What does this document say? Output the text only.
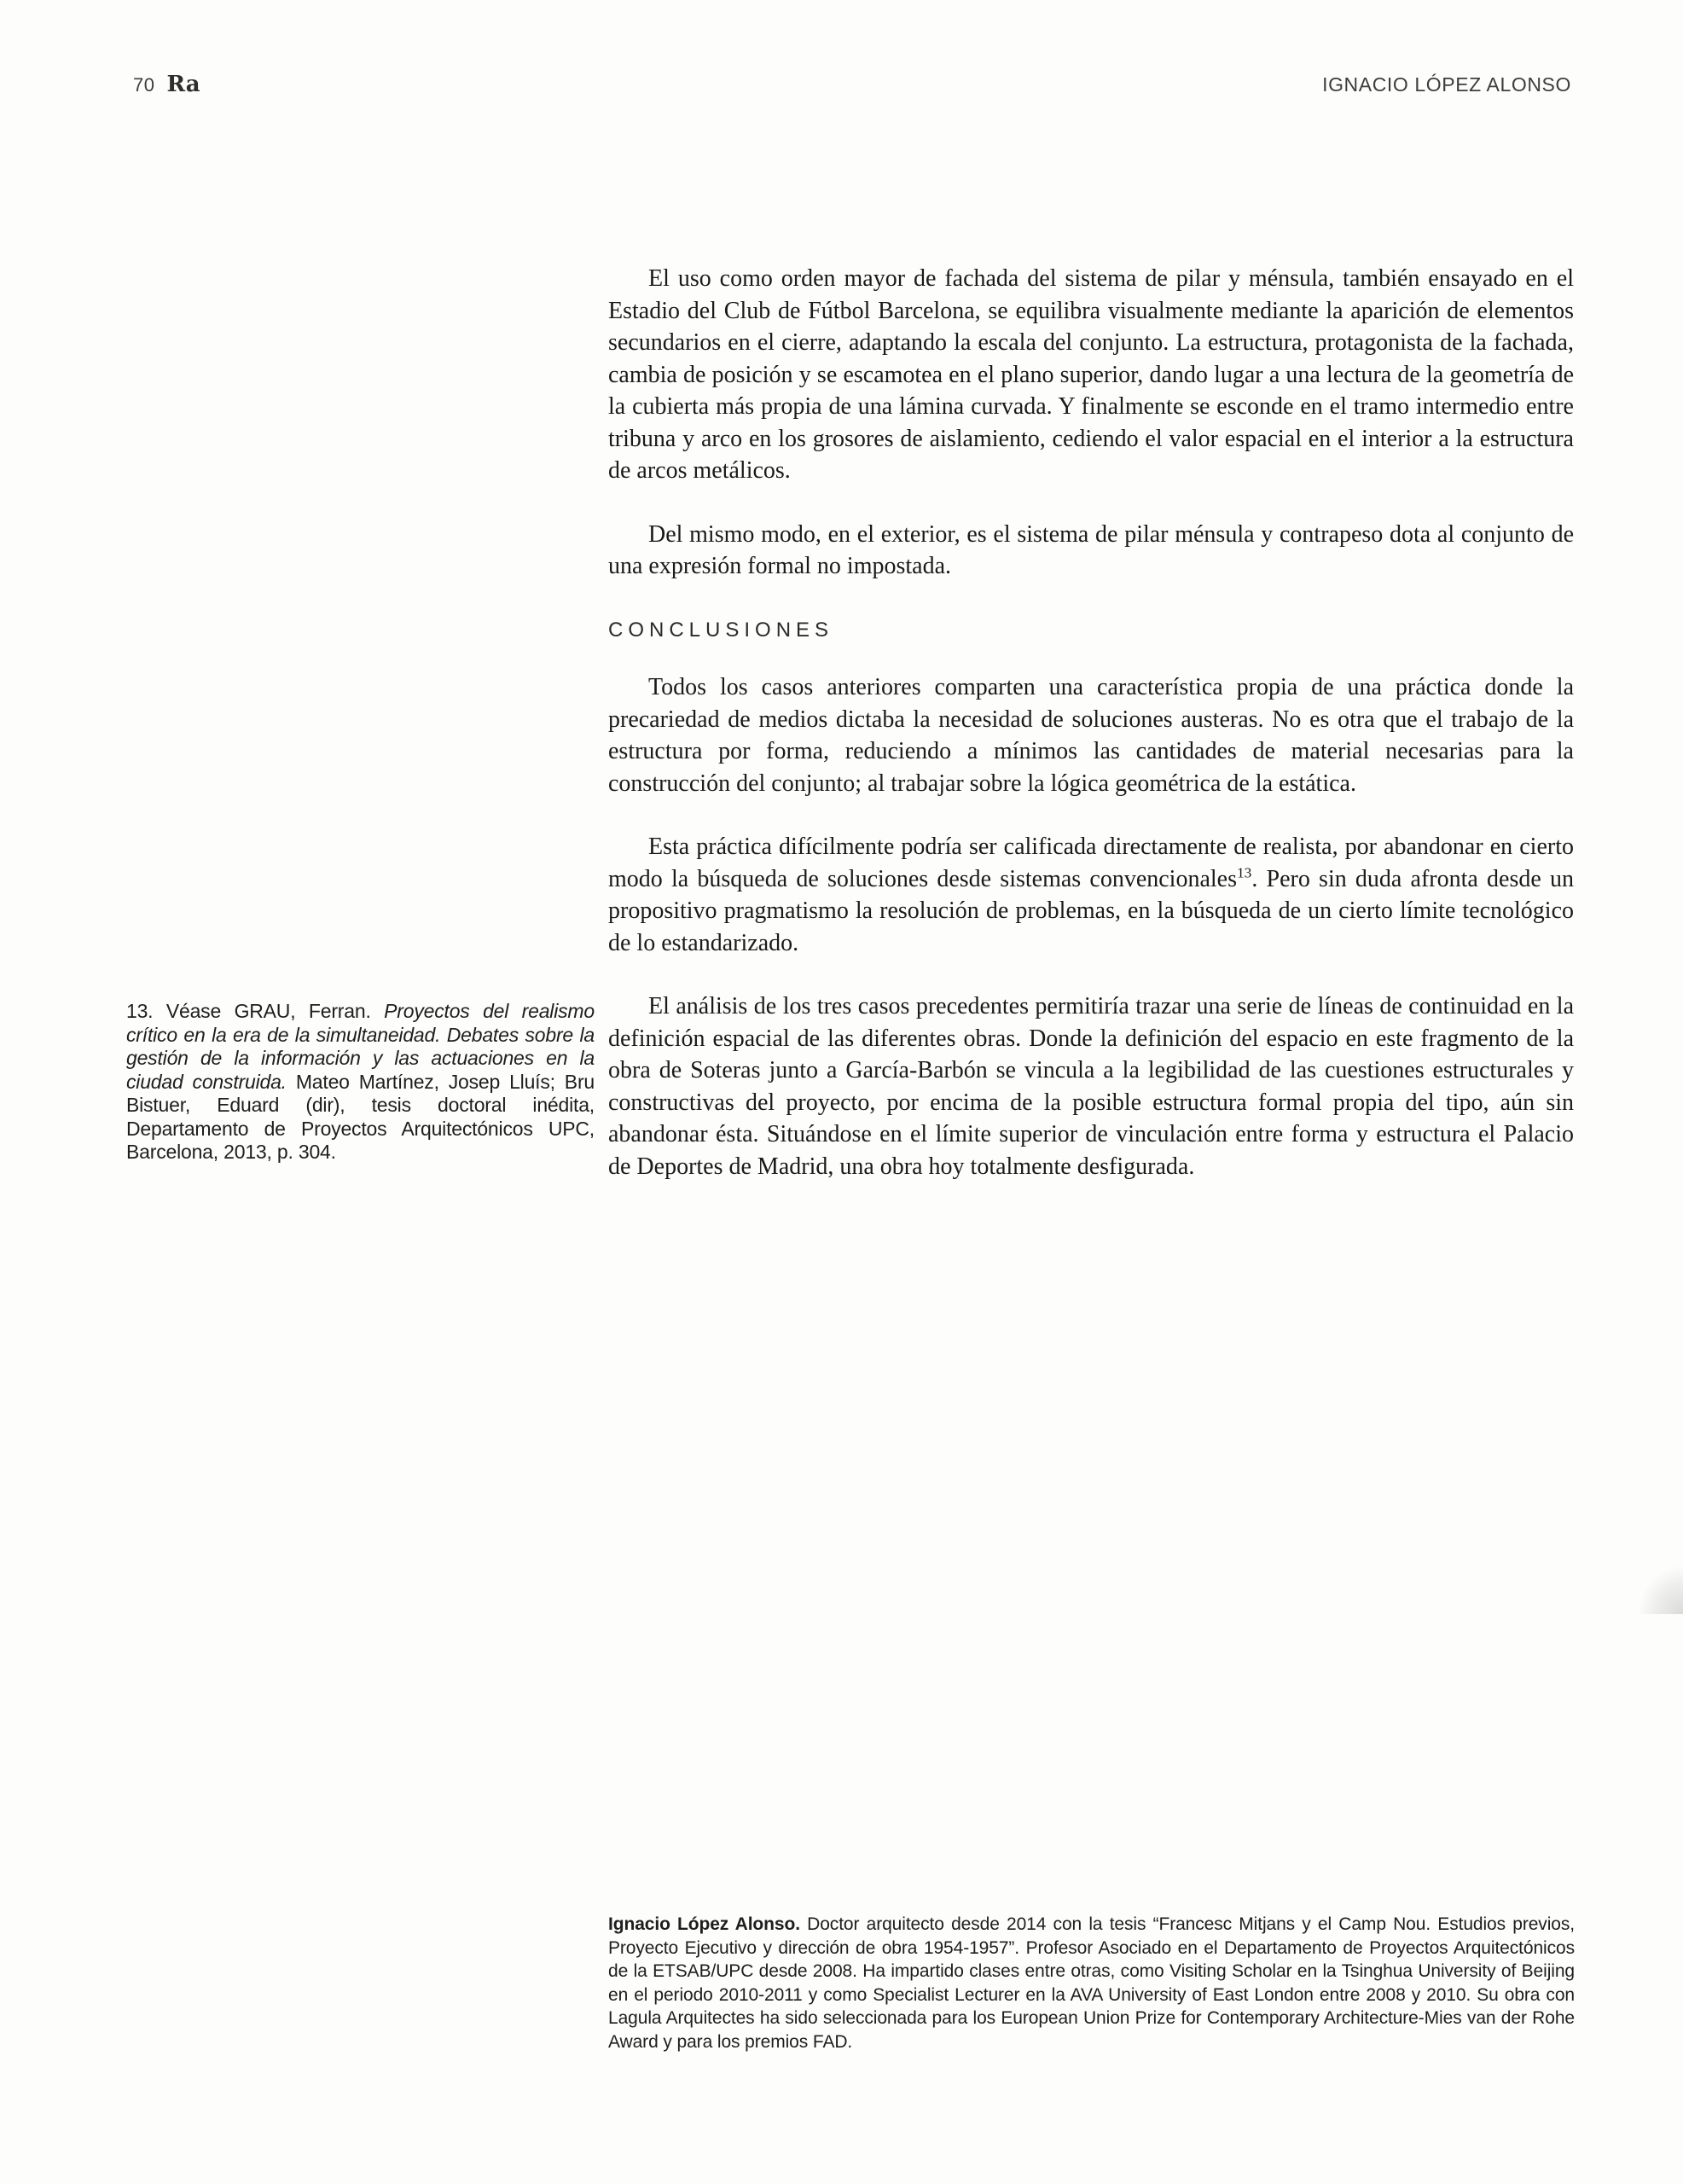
70 Ra	IGNACIO LÓPEZ ALONSO
13. Véase GRAU, Ferran. Proyectos del realismo crítico en la era de la simultaneidad. Debates sobre la gestión de la información y las actuaciones en la ciudad construida. Mateo Martínez, Josep Lluís; Bru Bistuer, Eduard (dir), tesis doctoral inédita, Departamento de Proyectos Arquitectónicos UPC, Barcelona, 2013, p. 304.

El uso como orden mayor de fachada del sistema de pilar y ménsula, también ensayado en el Estadio del Club de Fútbol Barcelona, se equilibra visualmente mediante la aparición de elementos secundarios en el cierre, adaptando la escala del conjunto. La estructura, protagonista de la fachada, cambia de posición y se escamotea en el plano superior, dando lugar a una lectura de la geometría de la cubierta más propia de una lámina curvada. Y finalmente se esconde en el tramo intermedio entre tribuna y arco en los grosores de aislamiento, cediendo el valor espacial en el interior a la estructura de arcos metálicos.

Del mismo modo, en el exterior, es el sistema de pilar ménsula y contrapeso dota al conjunto de una expresión formal no impostada.

CONCLUSIONES

Todos los casos anteriores comparten una característica propia de una práctica donde la precariedad de medios dictaba la necesidad de soluciones austeras. No es otra que el trabajo de la estructura por forma, reduciendo a mínimos las cantidades de material necesarias para la construcción del conjunto; al trabajar sobre la lógica geométrica de la estática.

Esta práctica difícilmente podría ser calificada directamente de realista, por abandonar en cierto modo la búsqueda de soluciones desde sistemas convencionales$^{13}$. Pero sin duda afronta desde un propositivo pragmatismo la resolución de problemas, en la búsqueda de un cierto límite tecnológico de lo estandarizado.

El análisis de los tres casos precedentes permitiría trazar una serie de líneas de continuidad en la definición espacial de las diferentes obras. Donde la definición del espacio en este fragmento de la obra de Soteras junto a García-Barbón se vincula a la legibilidad de las cuestiones estructurales y constructivas del proyecto, por encima de la posible estructura formal propia del tipo, aún sin abandonar ésta. Situándose en el límite superior de vinculación entre forma y estructura el Palacio de Deportes de Madrid, una obra hoy totalmente desfigurada.

Ignacio López Alonso. Doctor arquitecto desde 2014 con la tesis “Francesc Mitjans y el Camp Nou. Estudios previos, Proyecto Ejecutivo y dirección de obra 1954-1957”. Profesor Asociado en el Departamento de Proyectos Arquitectónicos de la ETSAB/UPC desde 2008. Ha impartido clases entre otras, como Visiting Scholar en la Tsinghua University of Beijing en el periodo 2010-2011 y como Specialist Lecturer en la AVA University of East London entre 2008 y 2010. Su obra con Lagula Arquitectes ha sido seleccionada para los European Union Prize for Contemporary Architecture-Mies van der Rohe Award y para los premios FAD.
